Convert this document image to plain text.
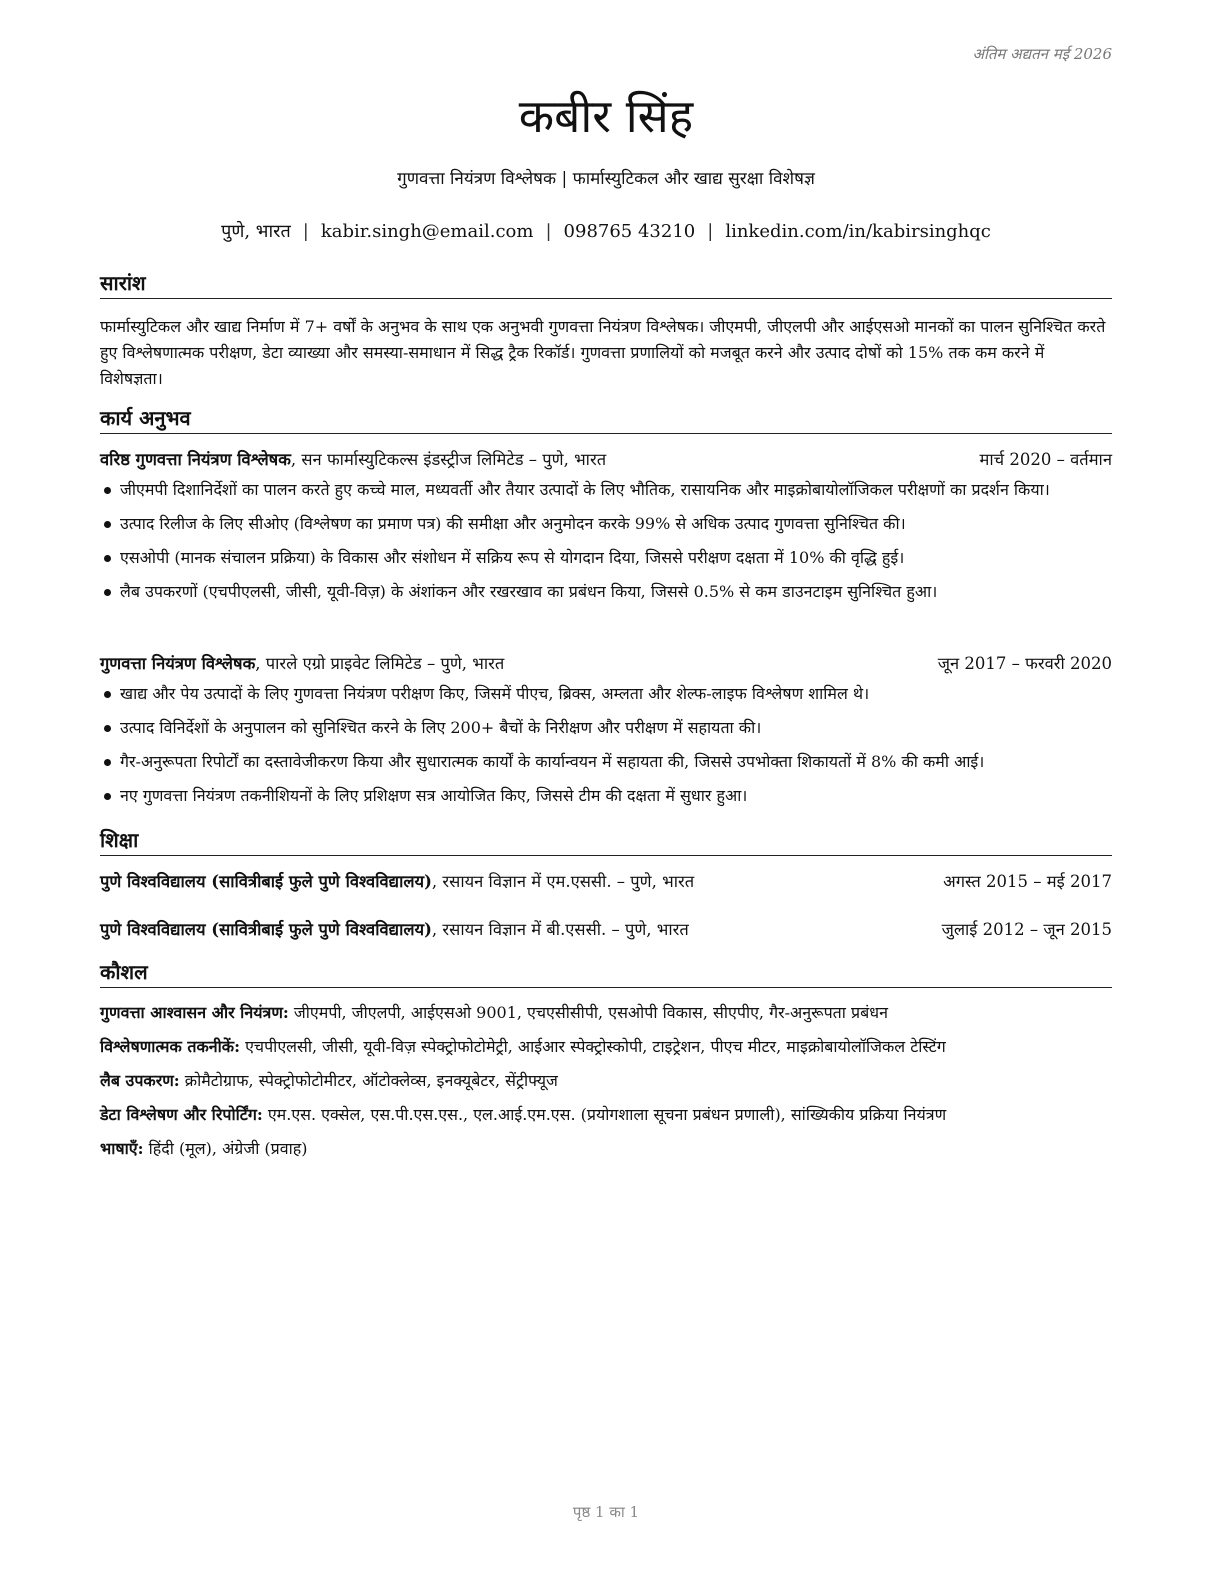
अंतिम अद्यतन मई 2026
कबीर सिंह
गुणवत्ता नियंत्रण विश्लेषक | फार्मास्युटिकल और खाद्य सुरक्षा विशेषज्ञ
पुणे, भारत | kabir.singh@email.com | 098765 43210 | linkedin.com/in/kabirsinghqc
सारांश

फार्मास्युटिकल और खाद्य निर्माण में 7+ वर्षों के अनुभव के साथ एक अनुभवी गुणवत्ता नियंत्रण विश्लेषक। जीएमपी, जीएलपी और आईएसओ मानकों का पालन सुनिश्चित करते हुए विश्लेषणात्मक परीक्षण, डेटा व्याख्या और समस्या-समाधान में सिद्ध ट्रैक रिकॉर्ड। गुणवत्ता प्रणालियों को मजबूत करने और उत्पाद दोषों को 15% तक कम करने में विशेषज्ञता।

कार्य अनुभव
वरिष्ठ गुणवत्ता नियंत्रण विश्लेषक, सन फार्मास्युटिकल्स इंडस्ट्रीज लिमिटेड – पुणे, भारत	मार्च 2020 – वर्तमान
जीएमपी दिशानिर्देशों का पालन करते हुए कच्चे माल, मध्यवर्ती और तैयार उत्पादों के लिए भौतिक, रासायनिक और माइक्रोबायोलॉजिकल परीक्षणों का प्रदर्शन किया।
उत्पाद रिलीज के लिए सीओए (विश्लेषण का प्रमाण पत्र) की समीक्षा और अनुमोदन करके 99% से अधिक उत्पाद गुणवत्ता सुनिश्चित की।
एसओपी (मानक संचालन प्रक्रिया) के विकास और संशोधन में सक्रिय रूप से योगदान दिया, जिससे परीक्षण दक्षता में 10% की वृद्धि हुई।
लैब उपकरणों (एचपीएलसी, जीसी, यूवी-विज़) के अंशांकन और रखरखाव का प्रबंधन किया, जिससे 0.5% से कम डाउनटाइम सुनिश्चित हुआ।
गुणवत्ता नियंत्रण विश्लेषक, पारले एग्रो प्राइवेट लिमिटेड – पुणे, भारत	जून 2017 – फरवरी 2020
खाद्य और पेय उत्पादों के लिए गुणवत्ता नियंत्रण परीक्षण किए, जिसमें पीएच, ब्रिक्स, अम्लता और शेल्फ-लाइफ विश्लेषण शामिल थे।
उत्पाद विनिर्देशों के अनुपालन को सुनिश्चित करने के लिए 200+ बैचों के निरीक्षण और परीक्षण में सहायता की।
गैर-अनुरूपता रिपोर्टों का दस्तावेजीकरण किया और सुधारात्मक कार्यों के कार्यान्वयन में सहायता की, जिससे उपभोक्ता शिकायतों में 8% की कमी आई।
नए गुणवत्ता नियंत्रण तकनीशियनों के लिए प्रशिक्षण सत्र आयोजित किए, जिससे टीम की दक्षता में सुधार हुआ।
शिक्षा
पुणे विश्वविद्यालय (सावित्रीबाई फुले पुणे विश्वविद्यालय), रसायन विज्ञान में एम.एससी. – पुणे, भारत	अगस्त 2015 – मई 2017
पुणे विश्वविद्यालय (सावित्रीबाई फुले पुणे विश्वविद्यालय), रसायन विज्ञान में बी.एससी. – पुणे, भारत	जुलाई 2012 – जून 2015
कौशल
गुणवत्ता आश्वासन और नियंत्रण: जीएमपी, जीएलपी, आईएसओ 9001, एचएसीसीपी, एसओपी विकास, सीएपीए, गैर-अनुरूपता प्रबंधन
विश्लेषणात्मक तकनीकें: एचपीएलसी, जीसी, यूवी-विज़ स्पेक्ट्रोफोटोमेट्री, आईआर स्पेक्ट्रोस्कोपी, टाइट्रेशन, पीएच मीटर, माइक्रोबायोलॉजिकल टेस्टिंग
लैब उपकरण: क्रोमैटोग्राफ, स्पेक्ट्रोफोटोमीटर, ऑटोक्लेव्स, इनक्यूबेटर, सेंट्रीफ्यूज
डेटा विश्लेषण और रिपोर्टिंग: एम.एस. एक्सेल, एस.पी.एस.एस., एल.आई.एम.एस. (प्रयोगशाला सूचना प्रबंधन प्रणाली), सांख्यिकीय प्रक्रिया नियंत्रण
भाषाएँ: हिंदी (मूल), अंग्रेजी (प्रवाह)
पृष्ठ 1 का 1
